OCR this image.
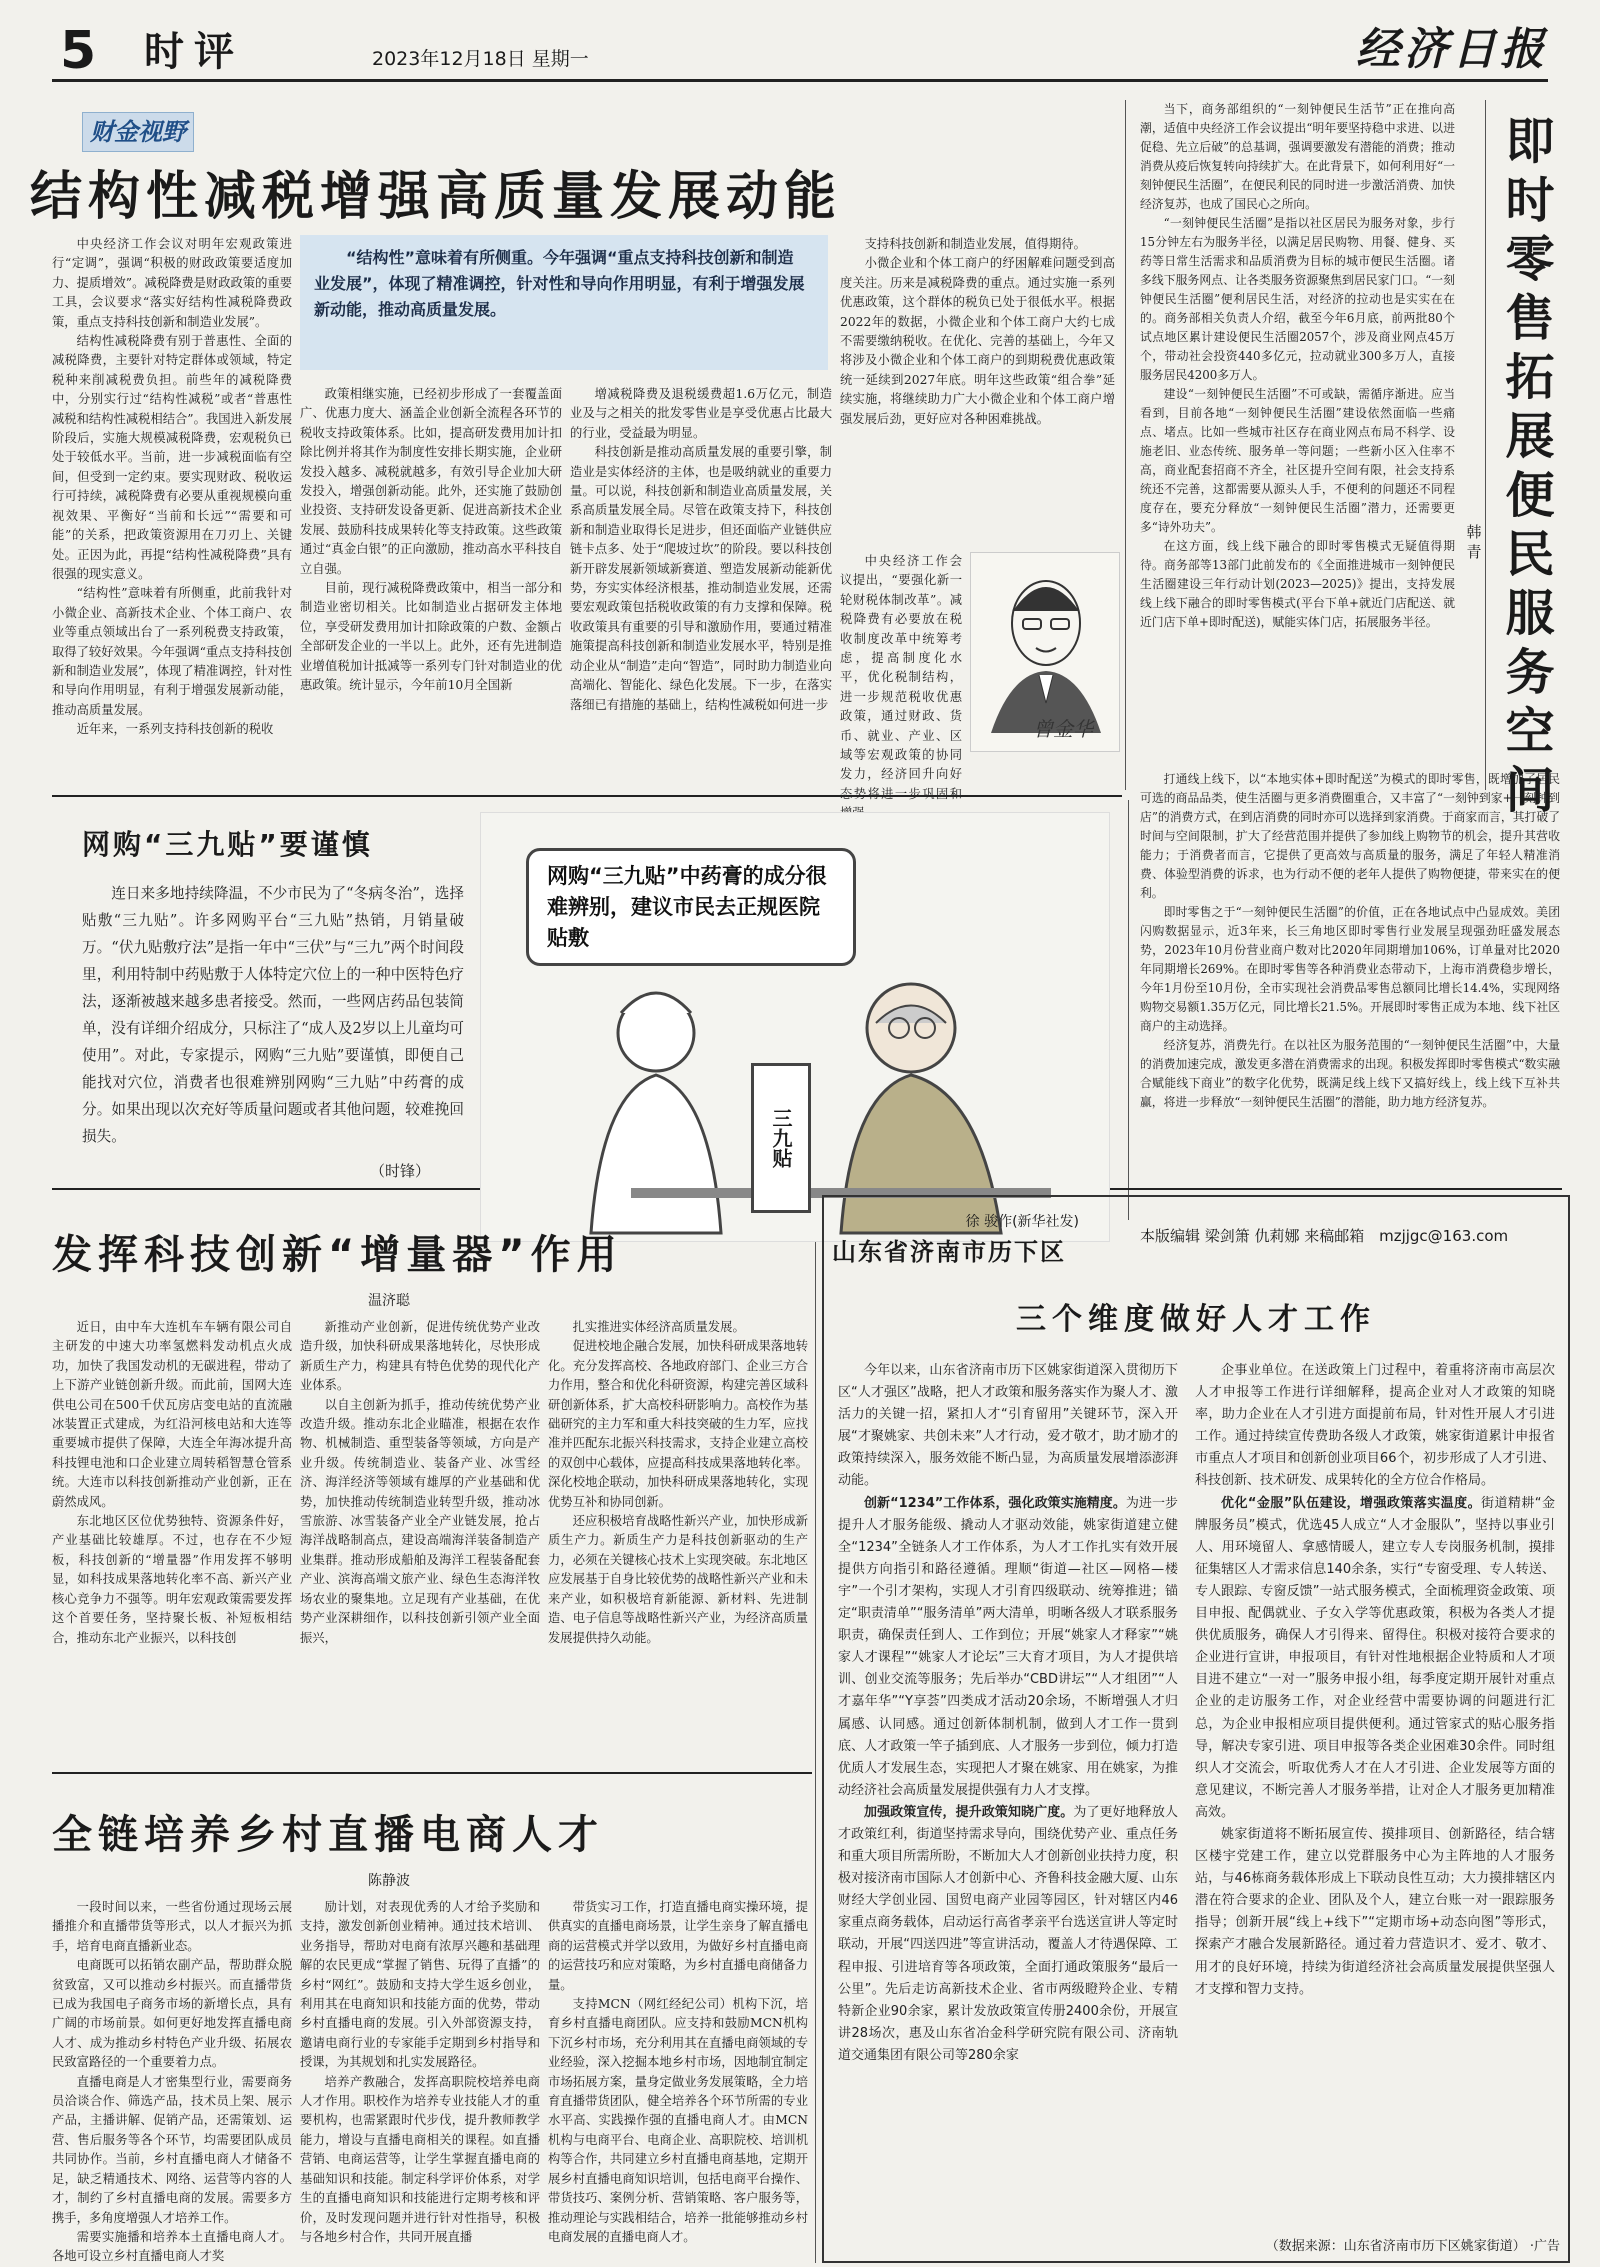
5 时评	2023年12月18日 星期一	经济日报
财金视野
结构性减税增强高质量发展动能
“结构性”意味着有所侧重。今年强调“重点支持科技创新和制造业发展”，体现了精准调控，针对性和导向作用明显，有利于增强发展新动能，推动高质量发展。

中央经济工作会议对明年宏观政策进行“定调”，强调“积极的财政政策要适度加力、提质增效”。减税降费是财政政策的重要工具，会议要求“落实好结构性减税降费政策，重点支持科技创新和制造业发展”。

结构性减税降费有别于普惠性、全面的减税降费，主要针对特定群体或领域，特定税种来削减税费负担。前些年的减税降费中，分别实行过“结构性减税”或者“普惠性减税和结构性减税相结合”。我国进入新发展阶段后，实施大规模减税降费，宏观税负已处于较低水平。当前，进一步减税面临有空间，但受到一定约束。要实现财政、税收运行可持续，减税降费有必要从重视规模向重视效果、平衡好“当前和长远”“需要和可能”的关系，把政策资源用在刀刃上、关键处。正因为此，再提“结构性减税降费”具有很强的现实意义。

“结构性”意味着有所侧重，此前我针对小微企业、高新技术企业、个体工商户、农业等重点领域出台了一系列税费支持政策，取得了较好效果。今年强调“重点支持科技创新和制造业发展”，体现了精准调控，针对性和导向作用明显，有利于增强发展新动能，推动高质量发展。

近年来，一系列支持科技创新的税收

政策相继实施，已经初步形成了一套覆盖面广、优惠力度大、涵盖企业创新全流程各环节的税收支持政策体系。比如，提高研发费用加计扣除比例并将其作为制度性安排长期实施，企业研发投入越多、减税就越多，有效引导企业加大研发投入，增强创新动能。此外，还实施了鼓励创业投资、支持研发设备更新、促进高新技术企业发展、鼓励科技成果转化等支持政策。这些政策通过“真金白银”的正向激励，推动高水平科技自立自强。

目前，现行减税降费政策中，相当一部分和制造业密切相关。比如制造业占据研发主体地位，享受研发费用加计扣除政策的户数、金额占全部研发企业的一半以上。此外，还有先进制造业增值税加计抵减等一系列专门针对制造业的优惠政策。统计显示，今年前10月全国新

增减税降费及退税缓费超1.6万亿元，制造业及与之相关的批发零售业是享受优惠占比最大的行业，受益最为明显。

科技创新是推动高质量发展的重要引擎，制造业是实体经济的主体，也是吸纳就业的重要力量。可以说，科技创新和制造业高质量发展，关系高质量发展全局。尽管在政策支持下，科技创新和制造业取得长足进步，但还面临产业链供应链卡点多、处于“爬坡过坎”的阶段。要以科技创新开辟发展新领域新赛道、塑造发展新动能新优势，夯实实体经济根基，推动制造业发展，还需要宏观政策包括税收政策的有力支撑和保障。税收政策具有重要的引导和激励作用，要通过精准施策提高科技创新和制造业发展水平，特别是推动企业从“制造”走向“智造”，同时助力制造业向高端化、智能化、绿色化发展。下一步，在落实落细已有措施的基础上，结构性减税如何进一步

支持科技创新和制造业发展，值得期待。

小微企业和个体工商户的纾困解难问题受到高度关注。历来是减税降费的重点。通过实施一系列优惠政策，这个群体的税负已处于很低水平。根据2022年的数据，小微企业和个体工商户大约七成不需要缴纳税收。在优化、完善的基础上，今年又将涉及小微企业和个体工商户的到期税费优惠政策统一延续到2027年底。明年这些政策“组合拳”延续实施，将继续助力广大小微企业和个体工商户增强发展后劲，更好应对各种困难挑战。

中央经济工作会议提出，“要强化新一轮财税体制改革”。减税降费有必要放在税收制度改革中统筹考虑，提高制度化水平，优化税制结构，进一步规范税收优惠政策，通过财政、货币、就业、产业、区域等宏观政策的协同发力，经济回升向好态势将进一步巩固和

曾金华
即时零售拓展便民服务空间
韩青

当下，商务部组织的“一刻钟便民生活节”正在推向高潮，适值中央经济工作会议提出“明年要坚持稳中求进、以进促稳、先立后破”的总基调，强调要激发有潜能的消费；推动消费从疫后恢复转向持续扩大。在此背景下，如何利用好“一刻钟便民生活圈”，在便民利民的同时进一步激活消费、加快经济复苏，也成了国民心之所向。

“一刻钟便民生活圈”是指以社区居民为服务对象，步行15分钟左右为服务半径，以满足居民购物、用餐、健身、买药等日常生活需求和品质消费为目标的城市便民生活圈。诸多线下服务网点、让各类服务资源聚焦到居民家门口。“一刻钟便民生活圈”便利居民生活，对经济的拉动也是实实在在的。商务部相关负责人介绍，截至今年6月底，前两批80个试点地区累计建设便民生活圈2057个，涉及商业网点45万个，带动社会投资440多亿元，拉动就业300多万人，直接服务居民4200多万人。

建设“一刻钟便民生活圈”不可或缺，需循序渐进。应当看到，目前各地“一刻钟便民生活圈”建设依然面临一些痛点、堵点。比如一些城市社区存在商业网点布局不科学、设施老旧、业态传统、服务单一等问题；一些新小区入住率不高，商业配套招商不齐全，社区提升空间有限，社会支持系统还不完善，这都需要从源头人手，不便利的问题还不同程度存在，要充分释放“一刻钟便民生活圈”潜力，还需要更多“诗外功夫”。

在这方面，线上线下融合的即时零售模式无疑值得期待。商务部等13部门此前发布的《全面推进城市一刻钟便民生活圈建设三年行动计划(2023—2025)》提出，支持发展线上线下融合的即时零售模式(平台下单+就近门店配送、就近门店下单+即时配送)，赋能实体门店，拓展服务半径。

打通线上线下，以“本地实体+即时配送”为模式的即时零售，既增加了居民可选的商品品类，使生活圈与更多消费圈重合，又丰富了“一刻钟到家+一刻钟到店”的消费方式，在到店消费的同时亦可以选择到家消费。于商家而言，其打破了时间与空间限制，扩大了经营范围并提供了参加线上购物节的机会，提升其营收能力；于消费者而言，它提供了更高效与高质量的服务，满足了年轻人精准消费、体验型消费的诉求，也为行动不便的老年人提供了购物便捷，带来实在的便利。

即时零售之于“一刻钟便民生活圈”的价值，正在各地试点中凸显成效。美团闪购数据显示，近3年来，长三角地区即时零售行业发展呈现强劲旺盛发展态势，2023年10月份营业商户数对比2020年同期增加106%，订单量对比2020年同期增长269%。在即时零售等各种消费业态带动下，上海市消费稳步增长，今年1月份至10月份，全市实现社会消费品零售总额同比增长14.4%，实现网络购物交易额1.35万亿元，同比增长21.5%。开展即时零售正成为本地、线下社区商户的主动选择。

经济复苏，消费先行。在以社区为服务范围的“一刻钟便民生活圈”中，大量的消费加速完成，激发更多潜在消费需求的出现。积极发挥即时零售模式“数实融合赋能线下商业”的数字化优势，既满足线上线下又搞好线上，线上线下互补共赢，将进一步释放“一刻钟便民生活圈”的潜能，助力地方经济复苏。

本版编辑 梁剑箫 仇莉娜 来稿邮箱 mzjjgc@163.com
网购“三九贴”要谨慎

连日来多地持续降温，不少市民为了“冬病冬治”，选择贴敷“三九贴”。许多网购平台“三九贴”热销，月销量破万。“伏九贴敷疗法”是指一年中“三伏”与“三九”两个时间段里，利用特制中药贴敷于人体特定穴位上的一种中医特色疗法，逐渐被越来越多患者接受。然而，一些网店药品包装简单，没有详细介绍成分，只标注了“成人及2岁以上儿童均可使用”。对此，专家提示，网购“三九贴”要谨慎，即便自己能找对穴位，消费者也很难辨别网购“三九贴”中药膏的成分。如果出现以次充好等质量问题或者其他问题，较难挽回损失。

（时锋）
网购“三九贴”中药膏的成分很难辨别，建议市民去正规医院贴敷
三九贴
徐 骏作(新华社发)
发挥科技创新“增量器”作用
温济聪

近日，由中车大连机车车辆有限公司自主研发的中速大功率氢燃料发动机点火成功，加快了我国发动机的无碳进程，带动了上下游产业链创新升级。而此前，国网大连供电公司在500千伏瓦房店变电站的直流融冰装置正式建成，为红沿河核电站和大连等重要城市提供了保障，大连全年海冰提升高科技锂电池和口企业建立周转稻智慧仓管系统。大连市以科技创新推动产业创新，正在蔚然成风。

东北地区区位优势独特、资源条件好，产业基础比较雄厚。不过，也存在不少短板，科技创新的“增量器”作用发挥不够明显，如科技成果落地转化率不高、新兴产业核心竞争力不强等。明年宏观政策需要发挥这个首要任务，坚持聚长板、补短板相结合，推动东北产业振兴，以科技创

新推动产业创新，促进传统优势产业改造升级，加快科研成果落地转化，尽快形成新质生产力，构建具有特色优势的现代化产业体系。

以自主创新为抓手，推动传统优势产业改造升级。推动东北企业瞄准，根据在农作物、机械制造、重型装备等领域，方向是产业升级。传统制造业、装备产业、冰雪经济、海洋经济等领域有雄厚的产业基础和优势，加快推动传统制造业转型升级，推动冰雪旅游、冰雪装备产业全产业链发展，抢占海洋战略制高点，建设高端海洋装备制造产业集群。推动形成船舶及海洋工程装备配套产业、滨海高端文旅产业、绿色生态海洋牧场农业的聚集地。立足现有产业基础，在优势产业深耕细作，以科技创新引领产业全面振兴，

扎实推进实体经济高质量发展。

促进校地企融合发展，加快科研成果落地转化。充分发挥高校、各地政府部门、企业三方合力作用，整合和优化科研资源，构建完善区域科研创新体系，扩大高校科研影响力。高校作为基础研究的主力军和重大科技突破的生力军，应找准并匹配东北振兴科技需求，支持企业建立高校的双创中心载体，应提高科技成果落地转化率。深化校地企联动，加快科研成果落地转化，实现优势互补和协同创新。

还应积极培育战略性新兴产业，加快形成新质生产力。新质生产力是科技创新驱动的生产力，必须在关键核心技术上实现突破。东北地区应发展基于自身比较优势的战略性新兴产业和未来产业，如积极培育新能源、新材料、先进制造、电子信息等战略性新兴产业，为经济高质量发展提供持久动能。

全链培养乡村直播电商人才
陈静波

一段时间以来，一些省份通过现场云展播推介和直播带货等形式，以人才振兴为抓手，培育电商直播新业态。

电商既可以拓销农副产品，帮助群众脱贫致富，又可以推动乡村振兴。而直播带货已成为我国电子商务市场的新增长点，具有广阔的市场前景。如何更好地发挥直播电商人才、成为推动乡村特色产业升级、拓展农民致富路径的一个重要着力点。

直播电商是人才密集型行业，需要商务员洽谈合作、筛选产品，技术员上架、展示产品，主播讲解、促销产品，还需策划、运营、售后服务等各个环节，均需要团队成员共同协作。当前，乡村直播电商人才储备不足，缺乏精通技术、网络、运营等内容的人才，制约了乡村直播电商的发展。需要多方携手，多角度增强人才培养工作。

需要实施播和培养本土直播电商人才。各地可设立乡村直播电商人才奖

励计划，对表现优秀的人才给予奖励和支持，激发创新创业精神。通过技术培训、业务指导，帮助对电商有浓厚兴趣和基础理解的农民更成“掌握了销售、玩得了直播”的乡村“网红”。鼓励和支持大学生返乡创业，利用其在电商知识和技能方面的优势，带动乡村直播电商的发展。引入外部资源支持，邀请电商行业的专家能手定期到乡村指导和授课，为其规划和扎实发展路径。

培养产教融合，发挥高职院校培养电商人才作用。职校作为培养专业技能人才的重要机构，也需紧跟时代步伐，提升教师教学能力，增设与直播电商相关的课程。如直播营销、电商运营等，让学生掌握直播电商的基础知识和技能。制定科学评价体系，对学生的直播电商知识和技能进行定期考核和评价，及时发现问题并进行针对性指导，积极与各地乡村合作，共同开展直播

带货实习工作，打造直播电商实操环境，提供真实的直播电商场景，让学生亲身了解直播电商的运营模式并学以致用，为做好乡村直播电商的运营技巧和应对策略，为乡村直播电商储备力量。

支持MCN（网红经纪公司）机构下沉，培育乡村直播电商团队。应支持和鼓励MCN机构下沉乡村市场，充分利用其在直播电商领域的专业经验，深入挖掘本地乡村市场，因地制宜制定市场拓展方案，量身定做业务发展策略，全力培育直播带货团队，健全培养各个环节所需的专业水平高、实践操作强的直播电商人才。由MCN机构与电商平台、电商企业、高职院校、培训机构等合作，共同建立乡村直播电商基地，定期开展乡村直播电商知识培训，包括电商平台操作、带货技巧、案例分析、营销策略、客户服务等，推动理论与实践相结合，培养一批能够推动乡村电商发展的直播电商人才。

山东省济南市历下区
三个维度做好人才工作

今年以来，山东省济南市历下区姚家街道深入贯彻历下区“人才强区”战略，把人才政策和服务落实作为聚人才、激活力的关键一招，紧扣人才“引育留用”关键环节，深入开展“才聚姚家、共创未来”人才行动，爱才敬才，助才励才的政策持续深入，服务效能不断凸显，为高质量发展增添澎湃动能。

创新“1234”工作体系，强化政策实施精度。为进一步提升人才服务能级、撬动人才驱动效能，姚家街道建立健全“1234”全链条人才工作体系，为人才工作扎实有效开展提供方向指引和路径遵循。理顺“街道—社区—网格—楼宇”一个引才架构，实现人才引育四级联动、统筹推进；锚定“职责清单”“服务清单”两大清单，明晰各级人才联系服务职责，确保责任到人、工作到位；开展“姚家人才释家”“姚家人才课程”“姚家人才论坛”三大育才项目，为人才提供培训、创业交流等服务；先后举办“CBD讲坛”“人才组团”“人才嘉年华”“Y享荟”四类成才活动20余场，不断增强人才归属感、认同感。通过创新体制机制，做到人才工作一贯到底、人才政策一竿子插到底、人才服务一步到位，倾力打造优质人才发展生态，实现把人才聚在姚家、用在姚家，为推动经济社会高质量发展提供强有力人才支撑。

加强政策宣传，提升政策知晓广度。为了更好地释放人才政策红利，街道坚持需求导向，围绕优势产业、重点任务和重大项目所需所盼，不断加大人才创新创业扶持力度，积极对接济南市国际人才创新中心、齐鲁科技金融大厦、山东财经大学创业园、国贸电商产业园等园区，针对辖区内46家重点商务载体，启动运行高省孝亲平台选送宣讲人等定时联动，开展“四送四进”等宣讲活动，覆盖人才待遇保障、工程申报、引进培育等各项政策，全面打通政策服务“最后一公里”。先后走访高新技术企业、省市两级瞪羚企业、专精特新企业90余家，累计发放政策宣传册2400余份，开展宣讲28场次，惠及山东省冶金科学研究院有限公司、济南轨道交通集团有限公司等280余家

企事业单位。在送政策上门过程中，着重将济南市高层次人才申报等工作进行详细解释，提高企业对人才政策的知晓率，助力企业在人才引进方面提前布局，针对性开展人才引进工作。通过持续宣传费助各级人才政策，姚家街道累计申报省市重点人才项目和创新创业项目66个，初步形成了人才引进、科技创新、技术研发、成果转化的全方位合作格局。

优化“金服”队伍建设，增强政策落实温度。街道精耕“金牌服务员”模式，优选45人成立“人才金服队”，坚持以事业引人、用环境留人、拿感情暖人，建立专人专岗服务机制，摸排征集辖区人才需求信息140余条，实行“专窗受理、专人转送、专人跟踪、专窗反馈”一站式服务模式，全面梳理资金政策、项目申报、配偶就业、子女入学等优惠政策，积极为各类人才提供优质服务，确保人才引得来、留得住。积极对接符合要求的企业进行宣讲，申报项目，有针对性地根据企业特质和人才项目进不建立“一对一”服务申报小组，每季度定期开展针对重点企业的走访服务工作，对企业经营中需要协调的问题进行汇总，为企业申报相应项目提供便利。通过管家式的贴心服务指导，解决专家引进、项目申报等各类企业困难30余件。同时组织人才交流会，听取优秀人才在人才引进、企业发展等方面的意见建议，不断完善人才服务举措，让对企人才服务更加精准高效。

姚家街道将不断拓展宣传、摸排项目、创新路径，结合辖区楼宇党建工作，建立以党群服务中心为主阵地的人才服务站，与46栋商务载体形成上下联动良性互动；大力摸排辖区内潜在符合要求的企业、团队及个人，建立台账一对一跟踪服务指导；创新开展“线上+线下”“定期市场+动态向图”等形式，探索产才融合发展新路径。通过着力营造识才、爱才、敬才、用才的良好环境，持续为街道经济社会高质量发展提供坚强人才支撑和智力支持。

（数据来源：山东省济南市历下区姚家街道） ·广告
